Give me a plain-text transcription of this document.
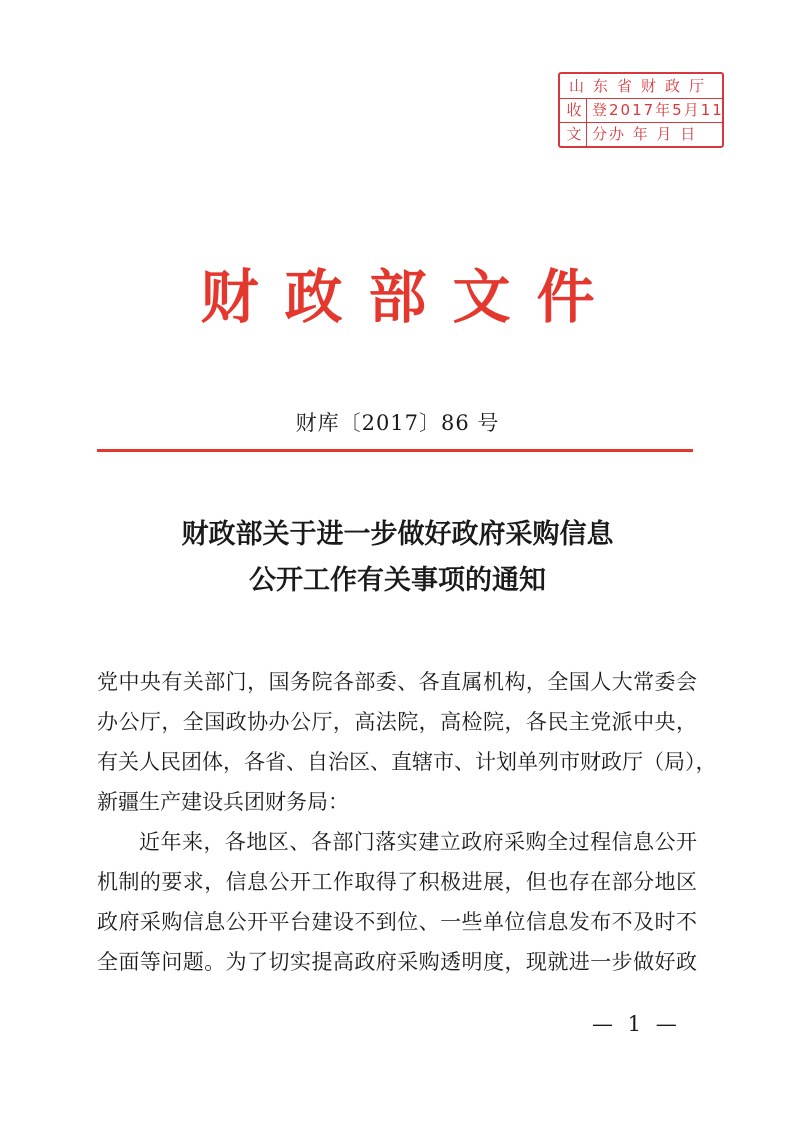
山东省财政厅
收 登2017年5月11
文 分办 年 月 日
财政部文件
财库〔2017〕86 号
财政部关于进一步做好政府采购信息
公开工作有关事项的通知
党中央有关部门，国务院各部委、各直属机构，全国人大常委会
办公厅，全国政协办公厅，高法院，高检院，各民主党派中央，
有关人民团体，各省、自治区、直辖市、计划单列市财政厅（局），
新疆生产建设兵团财务局：
近年来，各地区、各部门落实建立政府采购全过程信息公开
机制的要求，信息公开工作取得了积极进展，但也存在部分地区
政府采购信息公开平台建设不到位、一些单位信息发布不及时不
全面等问题。为了切实提高政府采购透明度，现就进一步做好政
— 1 —
